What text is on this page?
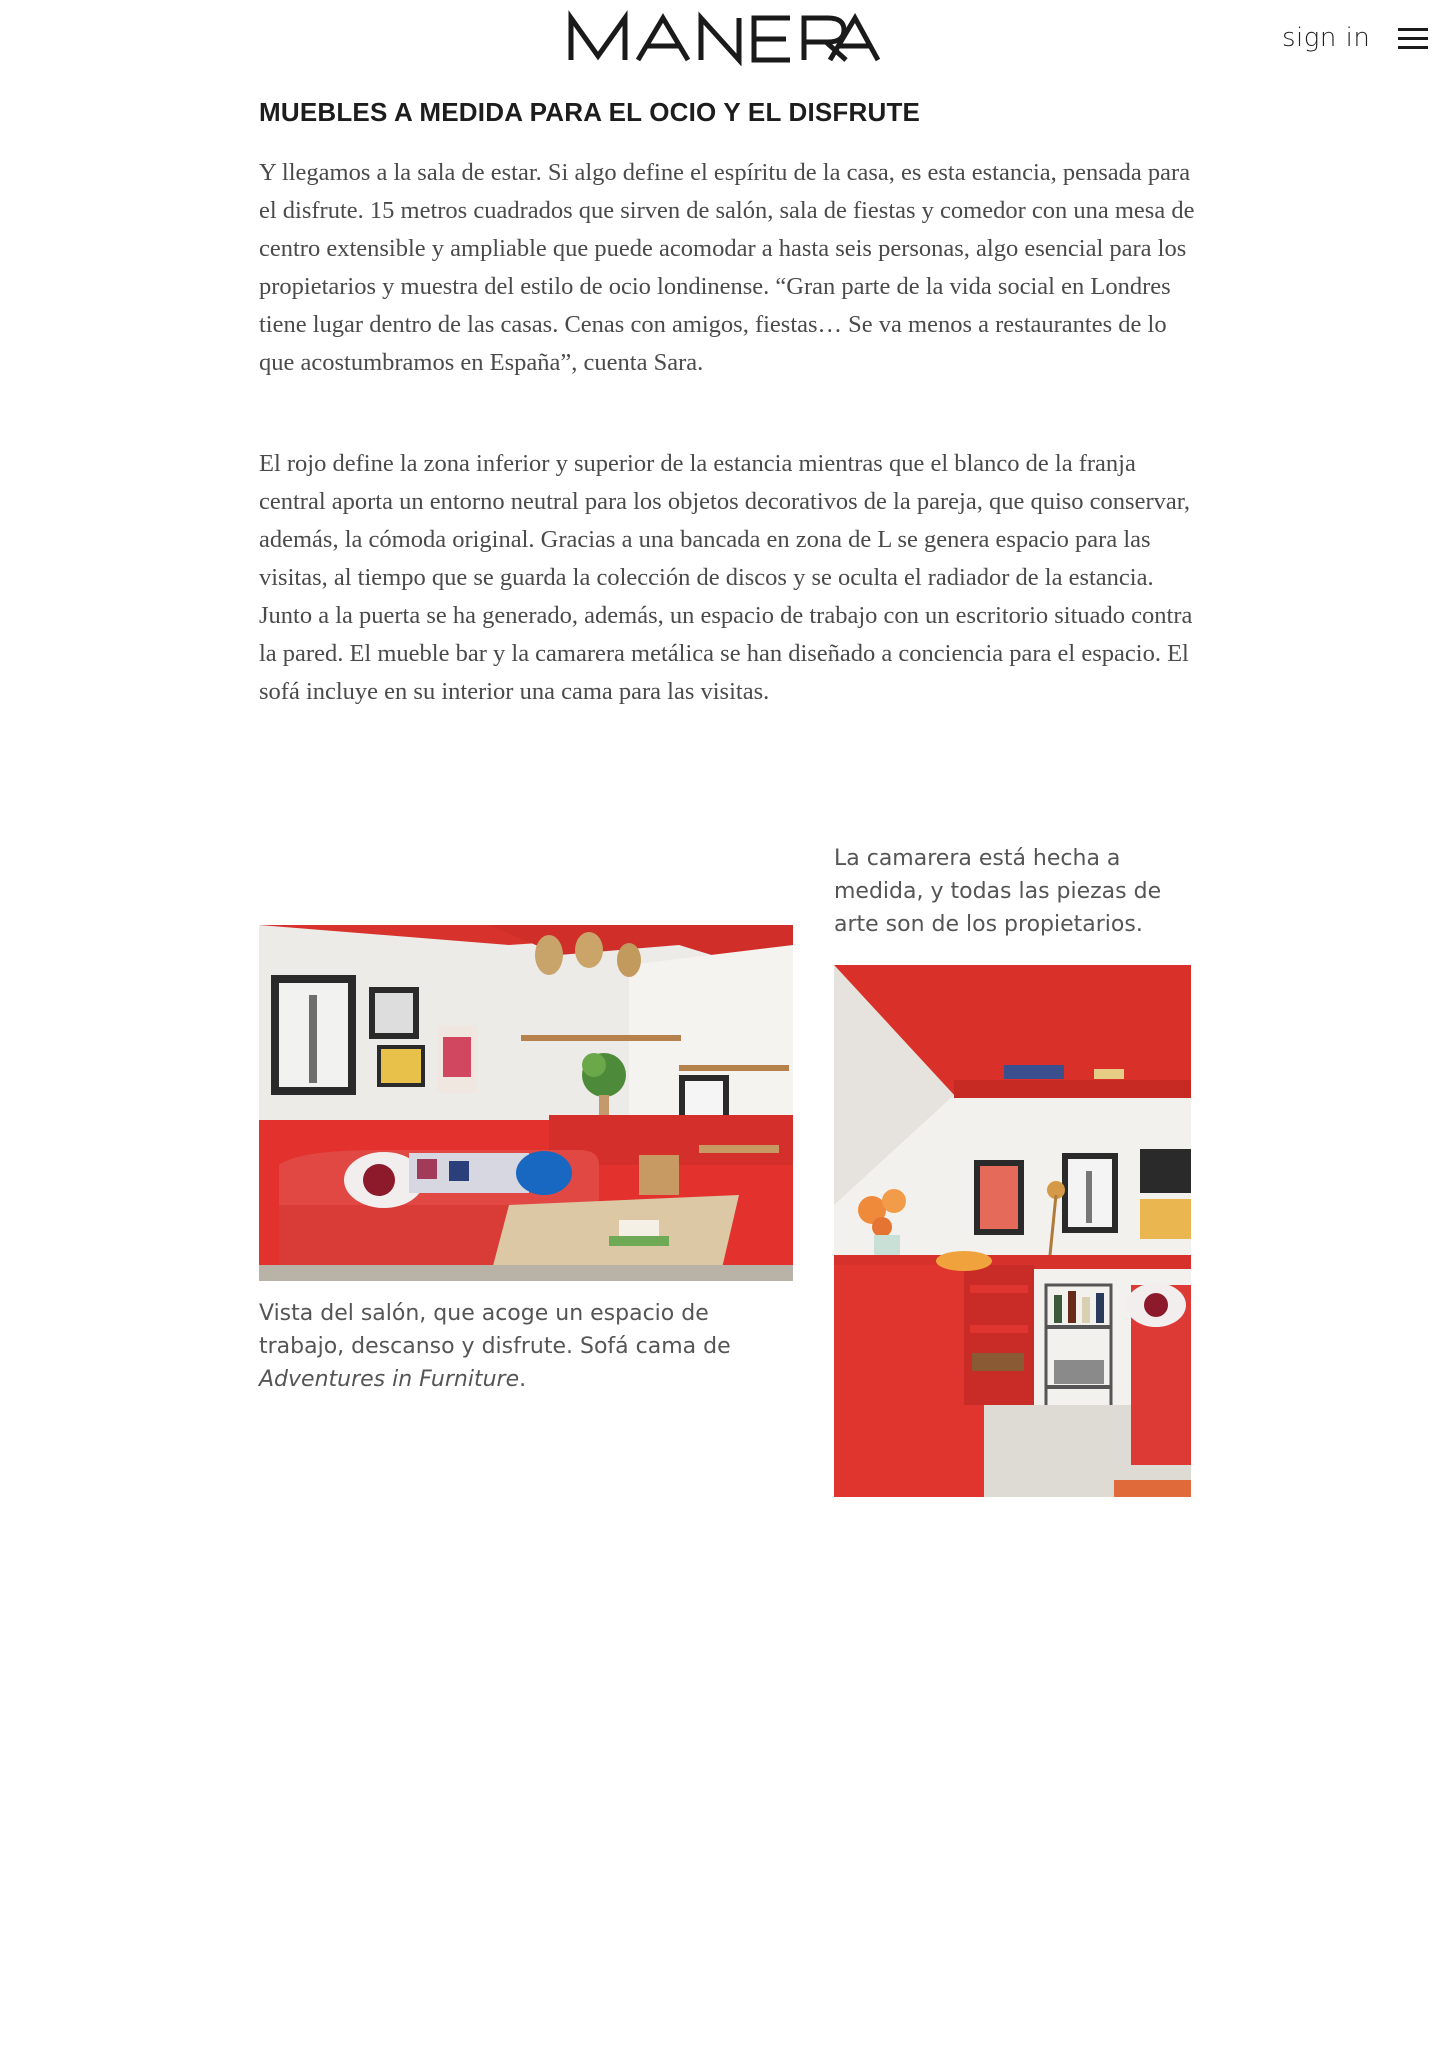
sign in
MUEBLES A MEDIDA PARA EL OCIO Y EL DISFRUTE

Y llegamos a la sala de estar. Si algo define el espíritu de la casa, es esta estancia, pensada para el disfrute. 15 metros cuadrados que sirven de salón, sala de fiestas y comedor con una mesa de centro extensible y ampliable que puede acomodar a hasta seis personas, algo esencial para los propietarios y muestra del estilo de ocio londinense. “Gran parte de la vida social en Londres tiene lugar dentro de las casas. Cenas con amigos, fiestas… Se va menos a restaurantes de lo que acostumbramos en España”, cuenta Sara.

El rojo define la zona inferior y superior de la estancia mientras que el blanco de la franja central aporta un entorno neutral para los objetos decorativos de la pareja, que quiso conservar, además, la cómoda original. Gracias a una bancada en zona de L se genera espacio para las visitas, al tiempo que se guarda la colección de discos y se oculta el radiador de la estancia. Junto a la puerta se ha generado, además, un espacio de trabajo con un escritorio situado contra la pared. El mueble bar y la camarera metálica se han diseñado a conciencia para el espacio. El sofá incluye en su interior una cama para las visitas.

La camarera está hecha a medida, y todas las piezas de arte son de los propietarios.

Vista del salón, que acoge un espacio de trabajo, descanso y disfrute. Sofá cama de Adventures in Furniture.
